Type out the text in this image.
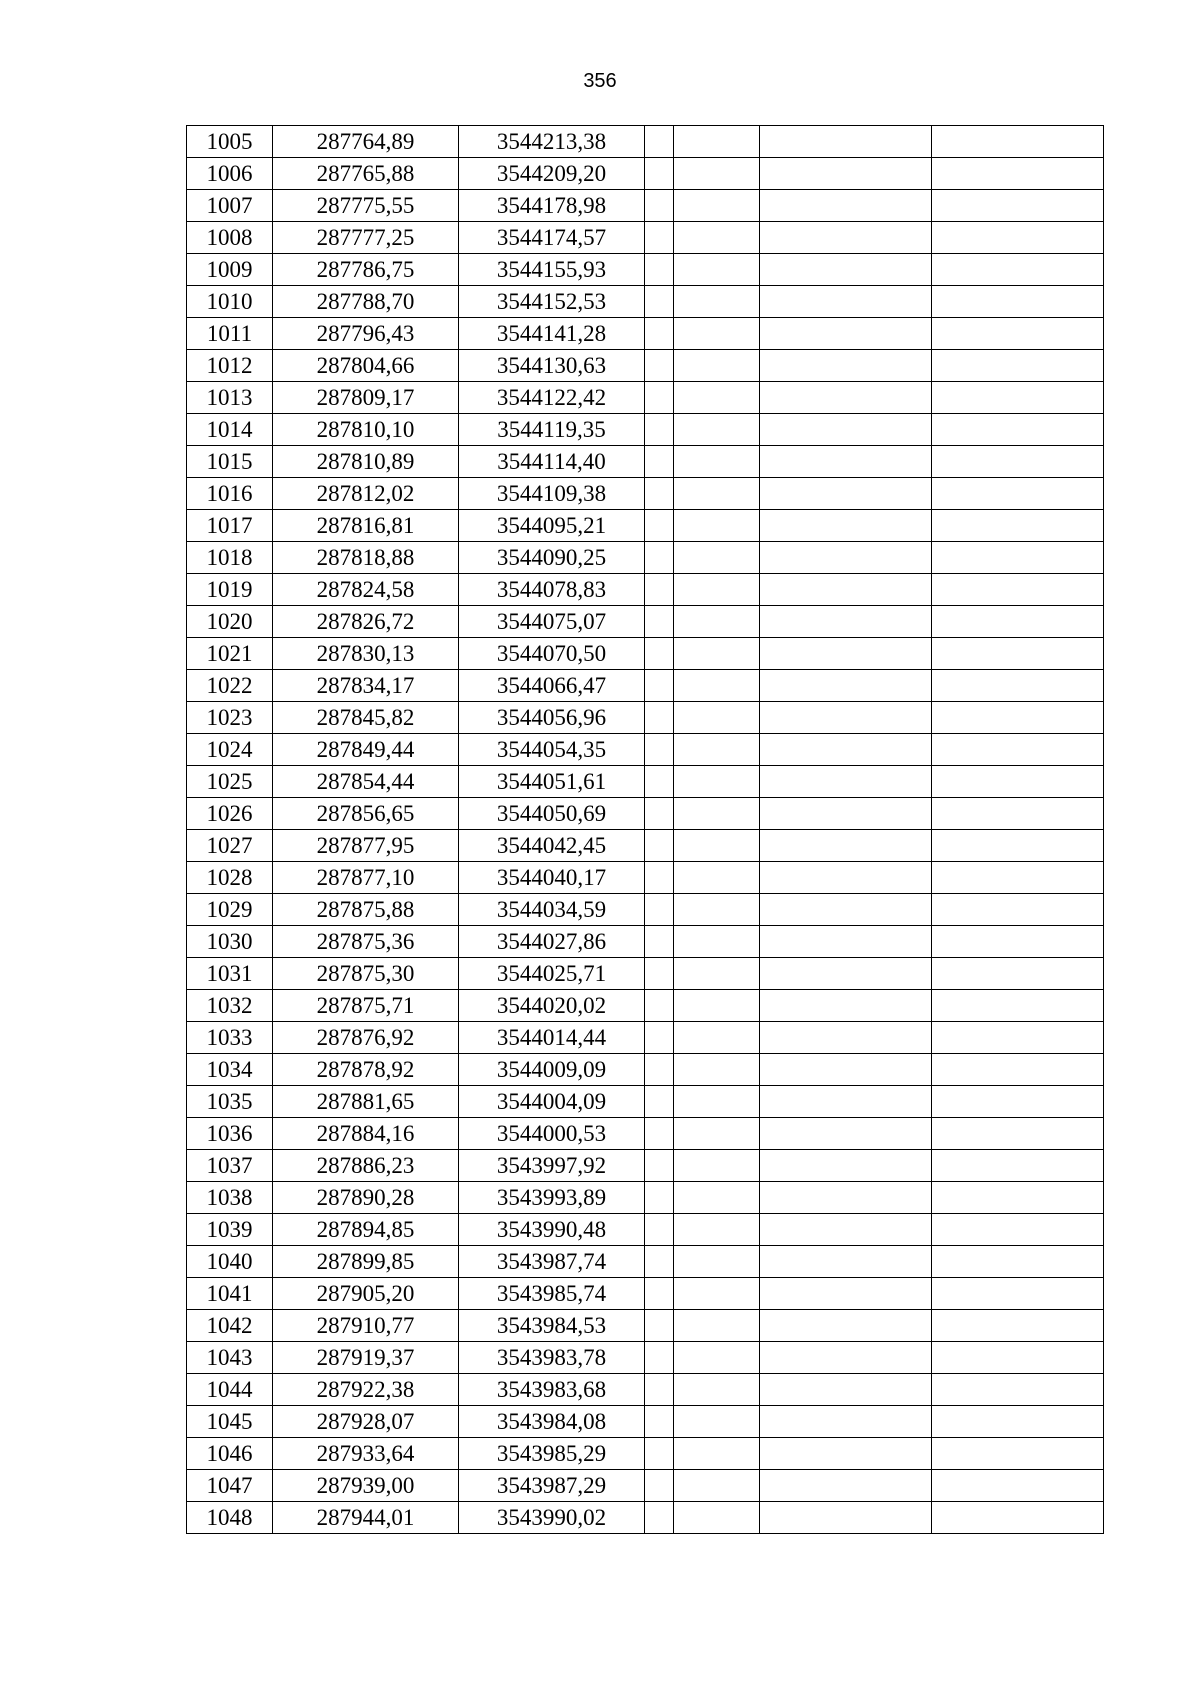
356
1005	287764,89	3544213,38				
1006	287765,88	3544209,20				
1007	287775,55	3544178,98				
1008	287777,25	3544174,57				
1009	287786,75	3544155,93				
1010	287788,70	3544152,53				
1011	287796,43	3544141,28				
1012	287804,66	3544130,63				
1013	287809,17	3544122,42				
1014	287810,10	3544119,35				
1015	287810,89	3544114,40				
1016	287812,02	3544109,38				
1017	287816,81	3544095,21				
1018	287818,88	3544090,25				
1019	287824,58	3544078,83				
1020	287826,72	3544075,07				
1021	287830,13	3544070,50				
1022	287834,17	3544066,47				
1023	287845,82	3544056,96				
1024	287849,44	3544054,35				
1025	287854,44	3544051,61				
1026	287856,65	3544050,69				
1027	287877,95	3544042,45				
1028	287877,10	3544040,17				
1029	287875,88	3544034,59				
1030	287875,36	3544027,86				
1031	287875,30	3544025,71				
1032	287875,71	3544020,02				
1033	287876,92	3544014,44				
1034	287878,92	3544009,09				
1035	287881,65	3544004,09				
1036	287884,16	3544000,53				
1037	287886,23	3543997,92				
1038	287890,28	3543993,89				
1039	287894,85	3543990,48				
1040	287899,85	3543987,74				
1041	287905,20	3543985,74				
1042	287910,77	3543984,53				
1043	287919,37	3543983,78				
1044	287922,38	3543983,68				
1045	287928,07	3543984,08				
1046	287933,64	3543985,29				
1047	287939,00	3543987,29				
1048	287944,01	3543990,02				
